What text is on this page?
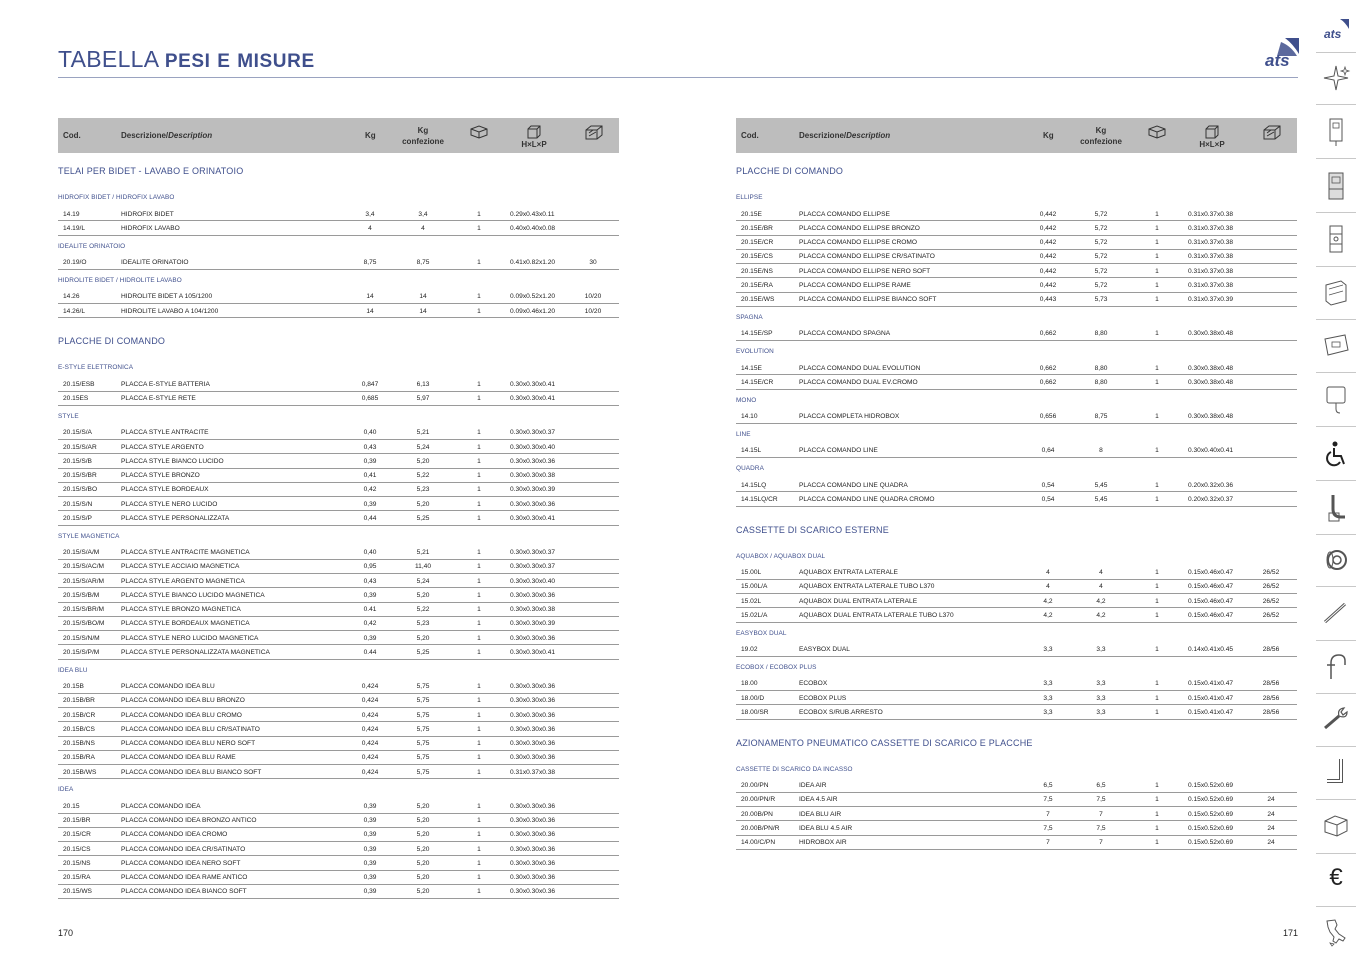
TABELLA PESI E MISURE	ats
Cod.	Descrizione/Description	Kg
Kg
confezione	H×L×P
TELAI PER BIDET - LAVABO E ORINATOIO
HIDROFIX BIDET / HIDROFIX LAVABO
14.19	HIDROFIX BIDET	3,4	3,4	1	0.29x0.43x0.11
14.19/L	HIDROFIX LAVABO	4	4	1	0.40x0.40x0.08
IDEALITE ORINATOIO
20.19/O	IDEALITE ORINATOIO	8,75	8,75	1	0.41x0.82x1.20	30
HIDROLITE BIDET / HIDROLITE LAVABO
14.26	HIDROLITE BIDET A 105/1200	14	14	1	0.09x0.52x1.20	10/20
14.26/L	HIDROLITE LAVABO A 104/1200	14	14	1	0.09x0.46x1.20	10/20
PLACCHE DI COMANDO
E-STYLE ELETTRONICA
20.15/ESB	PLACCA E-STYLE BATTERIA	0,847	6,13	1	0.30x0.30x0.41
20.15ES	PLACCA E-STYLE RETE	0,685	5,97	1	0.30x0.30x0.41
STYLE
20.15/S/A	PLACCA STYLE ANTRACITE	0,40	5,21	1	0.30x0.30x0.37
20.15/S/AR	PLACCA STYLE ARGENTO	0,43	5,24	1	0.30x0.30x0.40
20.15/S/B	PLACCA STYLE BIANCO LUCIDO	0,39	5,20	1	0.30x0.30x0.36
20.15/S/BR	PLACCA STYLE BRONZO	0,41	5,22	1	0.30x0.30x0.38
20.15/S/BO	PLACCA STYLE BORDEAUX	0,42	5,23	1	0.30x0.30x0.39
20.15/S/N	PLACCA STYLE NERO LUCIDO	0,39	5,20	1	0.30x0.30x0.36
20.15/S/P	PLACCA STYLE PERSONALIZZATA	0,44	5,25	1	0.30x0.30x0.41
STYLE MAGNETICA
20.15/S/A/M	PLACCA STYLE ANTRACITE MAGNETICA	0,40	5,21	1	0.30x0.30x0.37
20.15/S/AC/M	PLACCA STYLE ACCIAIO MAGNETICA	0,95	11,40	1	0.30x0.30x0.37
20.15/S/AR/M	PLACCA STYLE ARGENTO MAGNETICA	0,43	5,24	1	0.30x0.30x0.40
20.15/S/B/M	PLACCA STYLE BIANCO LUCIDO MAGNETICA	0,39	5,20	1	0.30x0.30x0.36
20.15/S/BR/M	PLACCA STYLE BRONZO MAGNETICA	0.41	5,22	1	0.30x0.30x0.38
20.15/S/BO/M	PLACCA STYLE BORDEAUX MAGNETICA	0,42	5,23	1	0.30x0.30x0.39
20.15/S/N/M	PLACCA STYLE NERO LUCIDO MAGNETICA	0,39	5,20	1	0.30x0.30x0.36
20.15/S/P/M	PLACCA STYLE PERSONALIZZATA MAGNETICA	0.44	5,25	1	0.30x0.30x0.41
IDEA BLU
20.15B	PLACCA COMANDO IDEA BLU	0,424	5,75	1	0.30x0.30x0.36
20.15B/BR	PLACCA COMANDO IDEA BLU BRONZO	0,424	5,75	1	0.30x0.30x0.36
20.15B/CR	PLACCA COMANDO IDEA BLU CROMO	0,424	5,75	1	0.30x0.30x0.36
20.15B/CS	PLACCA COMANDO IDEA BLU CR/SATINATO	0,424	5,75	1	0.30x0.30x0.36
20.15B/NS	PLACCA COMANDO IDEA BLU NERO SOFT	0,424	5,75	1	0.30x0.30x0.36
20.15B/RA	PLACCA COMANDO IDEA BLU RAME	0,424	5,75	1	0.30x0.30x0.36
20.15B/WS	PLACCA COMANDO IDEA BLU BIANCO SOFT	0,424	5,75	1	0.31x0.37x0.38
IDEA
20.15	PLACCA COMANDO IDEA	0,39	5,20	1	0.30x0.30x0.36
20.15/BR	PLACCA COMANDO IDEA BRONZO ANTICO	0,39	5,20	1	0.30x0.30x0.36
20.15/CR	PLACCA COMANDO IDEA CROMO	0,39	5,20	1	0.30x0.30x0.36
20.15/CS	PLACCA COMANDO IDEA CR/SATINATO	0,39	5,20	1	0.30x0.30x0.36
20.15/NS	PLACCA COMANDO IDEA NERO SOFT	0,39	5,20	1	0.30x0.30x0.36
20.15/RA	PLACCA COMANDO IDEA RAME ANTICO	0,39	5,20	1	0.30x0.30x0.36
20.15/WS	PLACCA COMANDO IDEA BIANCO SOFT	0,39	5,20	1	0.30x0.30x0.36
Cod.	Descrizione/Description	Kg
Kg
confezione	H×L×P
PLACCHE DI COMANDO
ELLIPSE
20.15E	PLACCA COMANDO ELLIPSE	0,442	5,72	1	0.31x0.37x0.38
20.15E/BR	PLACCA COMANDO ELLIPSE BRONZO	0,442	5,72	1	0.31x0.37x0.38
20.15E/CR	PLACCA COMANDO ELLIPSE CROMO	0,442	5,72	1	0.31x0.37x0.38
20.15E/CS	PLACCA COMANDO ELLIPSE CR/SATINATO	0,442	5,72	1	0.31x0.37x0.38
20.15E/NS	PLACCA COMANDO ELLIPSE NERO SOFT	0,442	5,72	1	0.31x0.37x0.38
20.15E/RA	PLACCA COMANDO ELLIPSE RAME	0,442	5,72	1	0.31x0.37x0.38
20.15E/WS	PLACCA COMANDO ELLIPSE BIANCO SOFT	0,443	5,73	1	0.31x0.37x0.39
SPAGNA
14.15E/SP	PLACCA COMANDO SPAGNA	0,662	8,80	1	0.30x0.38x0.48
EVOLUTION
14.15E	PLACCA COMANDO DUAL EVOLUTION	0,662	8,80	1	0.30x0.38x0.48
14.15E/CR	PLACCA COMANDO DUAL EV.CROMO	0,662	8,80	1	0.30x0.38x0.48
MONO
14.10	PLACCA COMPLETA HIDROBOX	0,656	8,75	1	0.30x0.38x0.48
LINE
14.15L	PLACCA COMANDO LINE	0,64	8	1	0.30x0.40x0.41
QUADRA
14.15LQ	PLACCA COMANDO LINE QUADRA	0,54	5,45	1	0.20x0.32x0.36
14.15LQ/CR	PLACCA COMANDO LINE QUADRA CROMO	0,54	5,45	1	0.20x0.32x0.37
CASSETTE DI SCARICO ESTERNE
AQUABOX / AQUABOX DUAL
15.00L	AQUABOX ENTRATA LATERALE	4	4	1	0.15x0.46x0.47	26/52
15.00L/A	AQUABOX ENTRATA LATERALE TUBO L370	4	4	1	0.15x0.46x0.47	26/52
15.02L	AQUABOX DUAL ENTRATA LATERALE	4,2	4,2	1	0.15x0.46x0.47	26/52
15.02L/A	AQUABOX DUAL ENTRATA LATERALE TUBO L370	4,2	4,2	1	0.15x0.46x0.47	26/52
EASYBOX DUAL
19.02	EASYBOX DUAL	3,3	3,3	1	0.14x0.41x0.45	28/56
ECOBOX / ECOBOX PLUS
18.00	ECOBOX	3,3	3,3	1	0.15x0.41x0.47	28/56
18.00/D	ECOBOX PLUS	3,3	3,3	1	0.15x0.41x0.47	28/56
18.00/SR	ECOBOX S/RUB.ARRESTO	3,3	3,3	1	0.15x0.41x0.47	28/56
AZIONAMENTO PNEUMATICO CASSETTE DI SCARICO E PLACCHE
CASSETTE DI SCARICO DA INCASSO
20.00/PN	IDEA AIR	6,5	6,5	1	0.15x0.52x0.69
20.00/PN/R	IDEA 4.5 AIR	7,5	7,5	1	0.15x0.52x0.69	24
20.00B/PN	IDEA BLU AIR	7	7	1	0.15x0.52x0.69	24
20.00B/PN/R	IDEA BLU 4.5 AIR	7,5	7,5	1	0.15x0.52x0.69	24
14.00/C/PN	HIDROBOX AIR	7	7	1	0.15x0.52x0.69	24
170	171
ats
€
